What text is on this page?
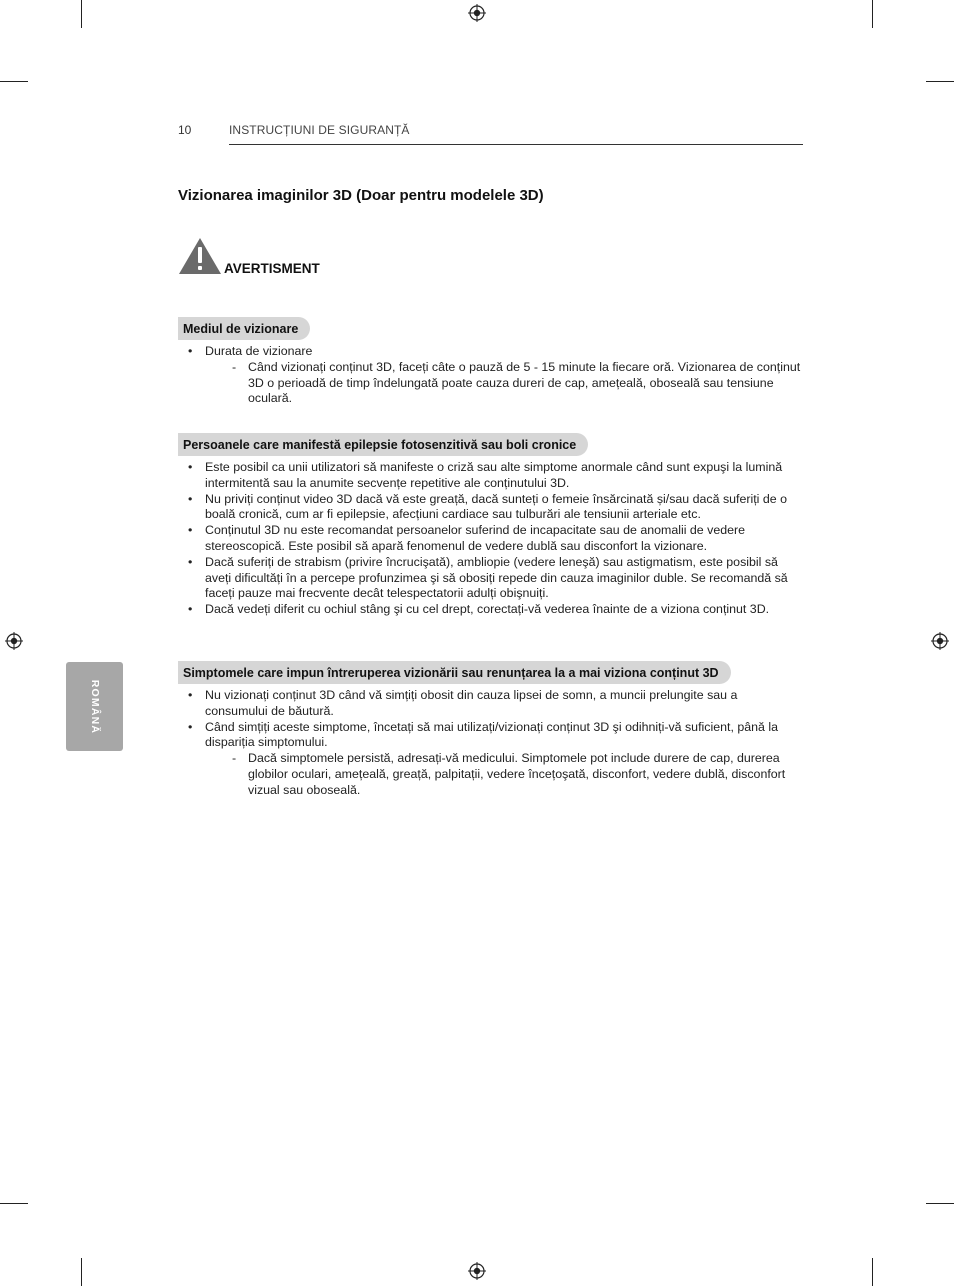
10	INSTRUCȚIUNI DE SIGURANȚĂ
Vizionarea imaginilor 3D (Doar pentru modelele 3D)
AVERTISMENT
Mediul de vizionare
• Durata de vizionare
- Când vizionați conținut 3D, faceți câte o pauză de 5 - 15 minute la fiecare oră. Vizionarea de conținut 3D o perioadă de timp îndelungată poate cauza dureri de cap, amețeală, oboseală sau tensiune oculară.
Persoanele care manifestă epilepsie fotosenzitivă sau boli cronice
• Este posibil ca unii utilizatori să manifeste o criză sau alte simptome anormale când sunt expuşi la lumină intermitentă sau la anumite secvențe repetitive ale conținutului 3D.
• Nu priviți conținut video 3D dacă vă este greață, dacă sunteți o femeie însărcinată și/sau dacă suferiți de o boală cronică, cum ar fi epilepsie, afecțiuni cardiace sau tulburări ale tensiunii arteriale etc.
• Conținutul 3D nu este recomandat persoanelor suferind de incapacitate sau de anomalii de vedere stereoscopică. Este posibil să apară fenomenul de vedere dublă sau disconfort la vizionare.
• Dacă suferiți de strabism (privire încrucişată), ambliopie (vedere leneşă) sau astigmatism, este posibil să aveți dificultăți în a percepe profunzimea şi să obosiți repede din cauza imaginilor duble. Se recomandă să faceți pauze mai frecvente decât telespectatorii adulți obişnuiți.
• Dacă vedeți diferit cu ochiul stâng şi cu cel drept, corectați-vă vederea înainte de a viziona conținut 3D.
Simptomele care impun întreruperea vizionării sau renunțarea la a mai viziona conținut 3D
• Nu vizionați conținut 3D când vă simțiți obosit din cauza lipsei de somn, a muncii prelungite sau a consumului de băutură.
• Când simțiți aceste simptome, încetați să mai utilizați/vizionați conținut 3D şi odihniți-vă suficient, până la dispariția simptomului.
- Dacă simptomele persistă, adresați-vă medicului. Simptomele pot include durere de cap, durerea globilor oculari, amețeală, greață, palpitații, vedere încețoşată, disconfort, vedere dublă, disconfort vizual sau oboseală.
ROMÂNĂ
